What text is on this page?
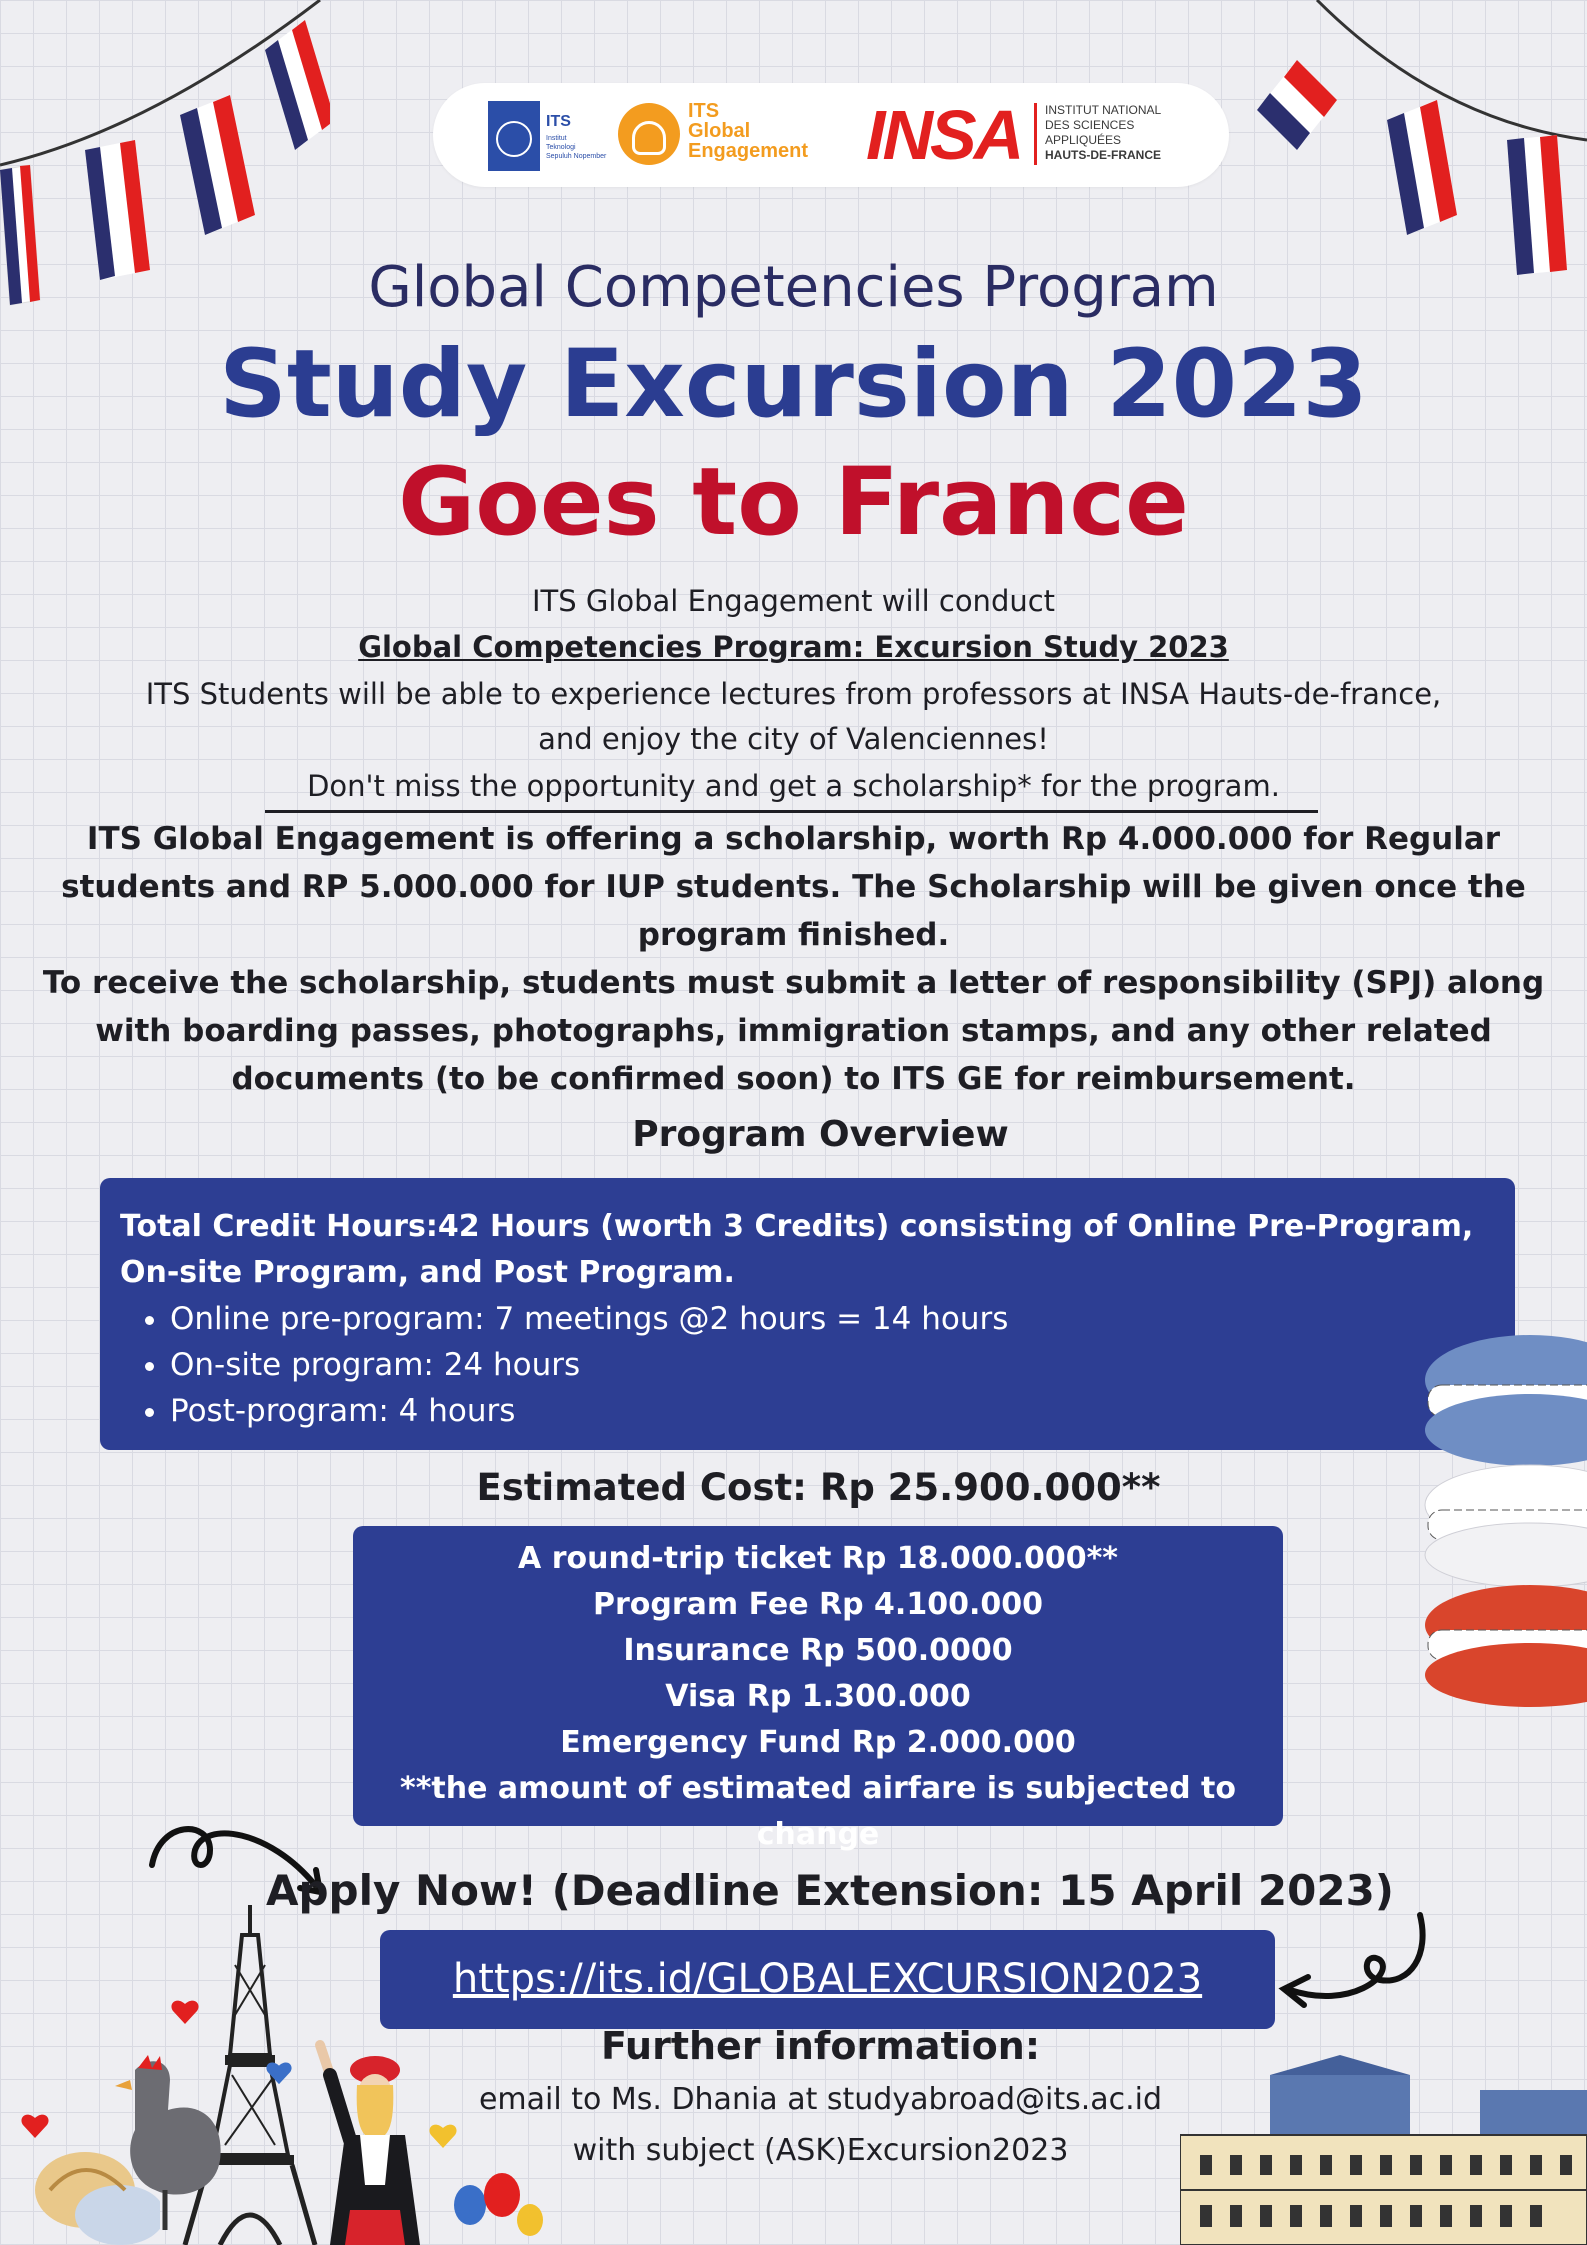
ITS
Institut
Teknologi
Sepuluh Nopember
ITS
Global
Engagement INSA INSTITUT NATIONAL
DES SCIENCES
APPLIQUÉES
HAUTS-DE-FRANCE
Global Competencies Program
Study Excursion 2023
Goes to France
ITS Global Engagement will conduct
Global Competencies Program: Excursion Study 2023
ITS Students will be able to experience lectures from professors at INSA Hauts-de-france,
and enjoy the city of Valenciennes!
Don't miss the opportunity and get a scholarship* for the program.
ITS Global Engagement is offering a scholarship, worth Rp 4.000.000 for Regular
students and RP 5.000.000 for IUP students. The Scholarship will be given once the
program finished.
To receive the scholarship, students must submit a letter of responsibility (SPJ) along
with boarding passes, photographs, immigration stamps, and any other related
documents (to be confirmed soon) to ITS GE for reimbursement.
Program Overview
Total Credit Hours:42 Hours (worth 3 Credits) consisting of Online Pre-Program, On-site Program, and Post Program.
• Online pre-program: 7 meetings @2 hours = 14 hours
• On-site program: 24 hours
• Post-program: 4 hours
Estimated Cost: Rp 25.900.000**
A round-trip ticket Rp 18.000.000**
Program Fee Rp 4.100.000
Insurance Rp 500.0000
Visa Rp 1.300.000
Emergency Fund Rp 2.000.000
**the amount of estimated airfare is subjected to change
Apply Now! (Deadline Extension: 15 April 2023)
https://its.id/GLOBALEXCURSION2023
Further information:
email to Ms. Dhania at studyabroad@its.ac.id
with subject (ASK)Excursion2023
